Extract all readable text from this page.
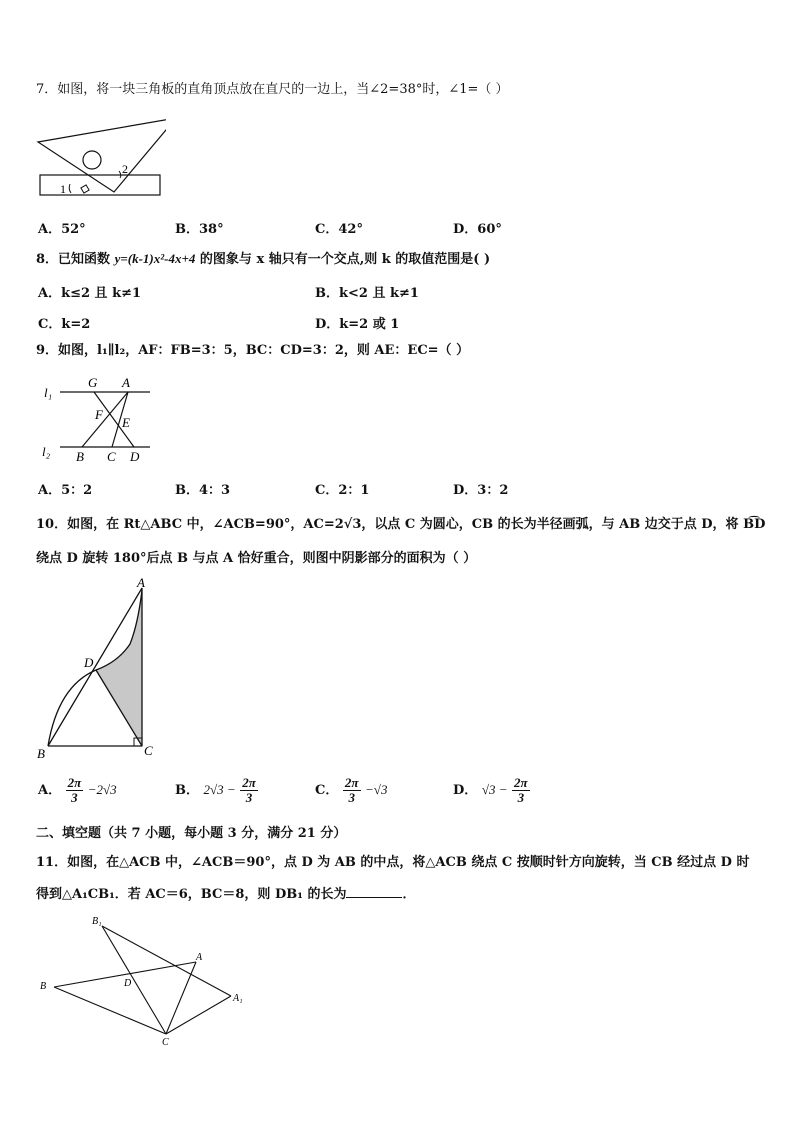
7．如图，将一块三角板的直角顶点放在直尺的一边上，当∠2=38°时，∠1=（ ）
2
1
A．52°	B．38°	C．42°	D．60°
8．已知函数 y=(k-1)x²-4x+4 的图象与 x 轴只有一个交点,则 k 的取值范围是( )
A．k≤2 且 k≠1	B．k<2 且 k≠1
C．k=2	D．k=2 或 1
9．如图，l₁∥l₂，AF：FB=3：5，BC：CD=3：2，则 AE：EC=（ ）
l₁
l₂
G A
F
E
B C D
A．5：2	B．4：3	C．2：1	D．3：2
10．如图，在 Rt△ABC 中，∠ACB=90°，AC=2√3，以点 C 为圆心，CB 的长为半径画弧，与 AB 边交于点 D，将 B͡D
绕点 D 旋转 180°后点 B 与点 A 恰好重合，则图中阴影部分的面积为（ ）
A
D
B	C
A． $\frac{2\pi}{3} -2√3$	B． $2√3 - \frac{2\pi}{3}$	C． $\frac{2\pi}{3} -√3$	D． $√3 - \frac{2\pi}{3}$
二、填空题（共 7 小题，每小题 3 分，满分 21 分）
11．如图，在△ACB 中，∠ACB＝90°，点 D 为 AB 的中点，将△ACB 绕点 C 按顺时针方向旋转，当 CB 经过点 D 时
得到△A₁CB₁．若 AC＝6，BC＝8，则 DB₁ 的长为	．
B₁
A
B	D
A₁
C
